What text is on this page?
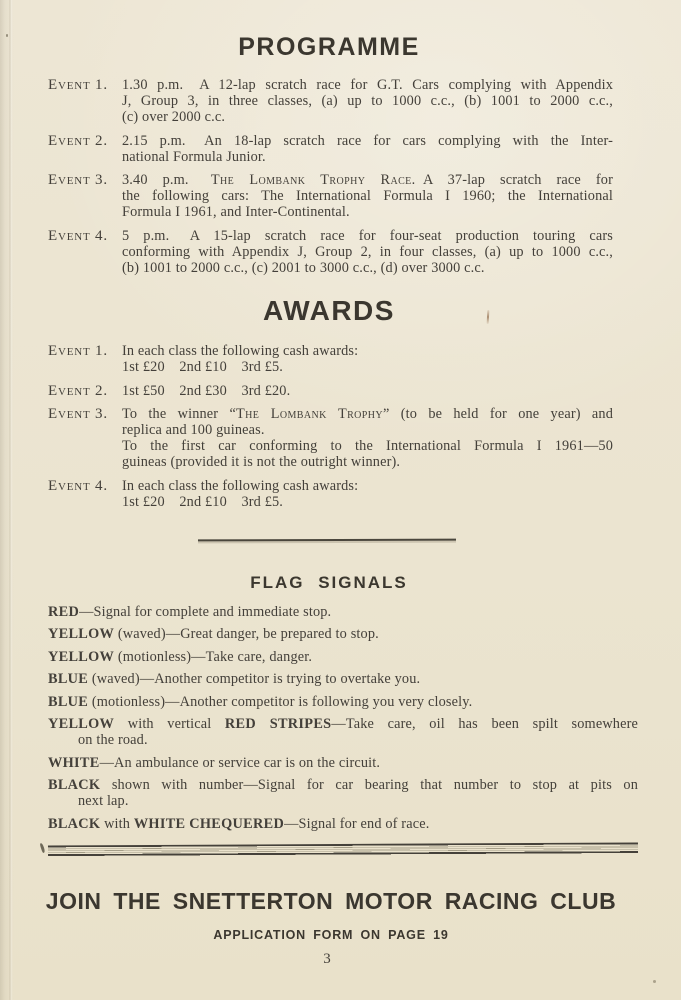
PROGRAMME
Event 1. 1.30 p.m.  A 12-lap scratch race for G.T. Cars complying with Appendix
J, Group 3, in three classes, (a) up to 1000 c.c., (b) 1001 to 2000 c.c.,
(c) over 2000 c.c.
Event 2. 2.15 p.m.  An 18-lap scratch race for cars complying with the Inter-
national Formula Junior.
Event 3. 3.40 p.m.  The Lombank Trophy Race. A 37-lap scratch race for
the following cars: The International Formula I 1960; the International
Formula I 1961, and Inter-Continental.
Event 4. 5 p.m.  A 15-lap scratch race for four-seat production touring cars
conforming with Appendix J, Group 2, in four classes, (a) up to 1000 c.c.,
(b) 1001 to 2000 c.c., (c) 2001 to 3000 c.c., (d) over 3000 c.c.
AWARDS
Event 1. In each class the following cash awards:
1st £20  2nd £10  3rd £5.
Event 2. 1st £50  2nd £30  3rd £20.
Event 3. To the winner “The Lombank Trophy” (to be held for one year) and
replica and 100 guineas.
To the first car conforming to the International Formula I 1961—50
guineas (provided it is not the outright winner).
Event 4. In each class the following cash awards:
1st £20  2nd £10  3rd £5.
FLAG SIGNALS
RED—Signal for complete and immediate stop.
YELLOW (waved)—Great danger, be prepared to stop.
YELLOW (motionless)—Take care, danger.
BLUE (waved)—Another competitor is trying to overtake you.
BLUE (motionless)—Another competitor is following you very closely.
YELLOW with vertical RED STRIPES—Take care, oil has been spilt somewhere
on the road.
WHITE—An ambulance or service car is on the circuit.
BLACK shown with number—Signal for car bearing that number to stop at pits on
next lap.
BLACK with WHITE CHEQUERED—Signal for end of race.
JOIN THE SNETTERTON MOTOR RACING CLUB
APPLICATION FORM ON PAGE 19
3
